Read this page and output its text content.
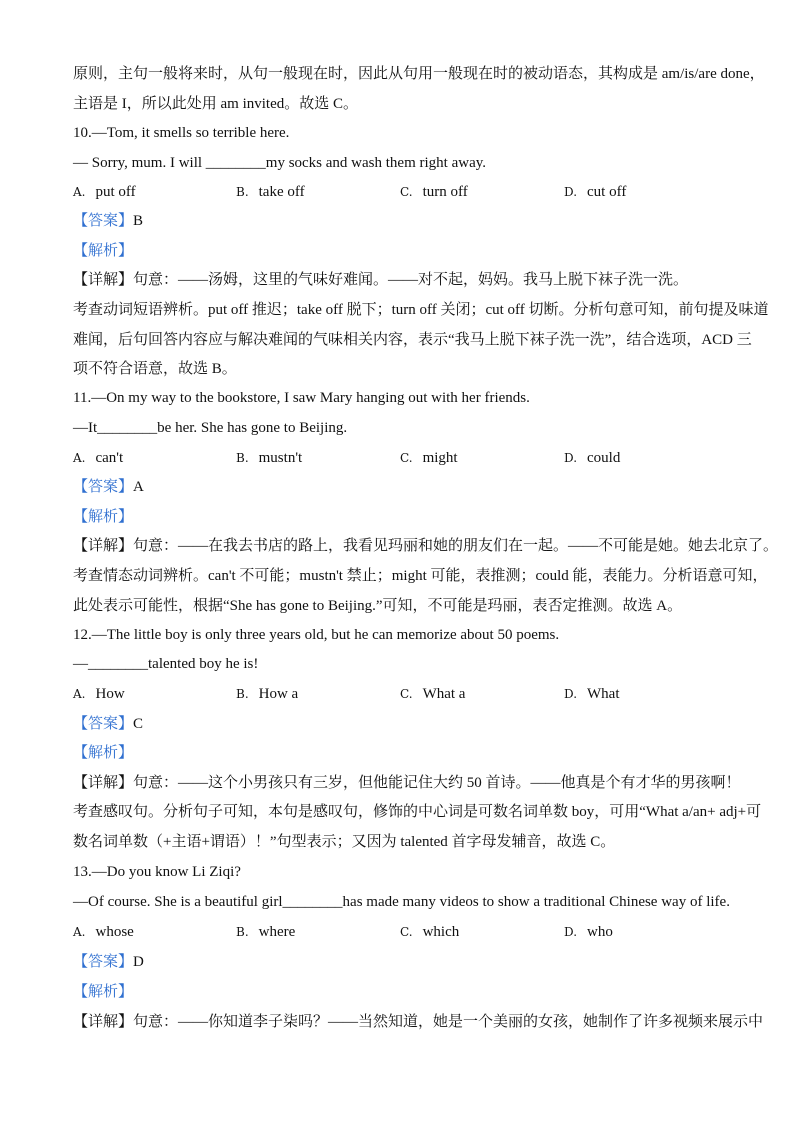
原则，主句一般将来时，从句一般现在时，因此从句用一般现在时的被动语态，其构成是 am/is/are done，
主语是 I，所以此处用 am invited。故选 C。
10.—Tom, it smells so terrible here.
— Sorry, mum. I will ________my socks and wash them right away.
A. put off	B. take off	C. turn off	D. cut off
【答案】B
【解析】
【详解】句意：——汤姆，这里的气味好难闻。——对不起，妈妈。我马上脱下袜子洗一洗。
考查动词短语辨析。put off 推迟；take off 脱下；turn off 关闭；cut off 切断。分析句意可知，前句提及味道
难闻，后句回答内容应与解决难闻的气味相关内容，表示“我马上脱下袜子洗一洗”，结合选项，ACD 三
项不符合语意，故选 B。
11.—On my way to the bookstore, I saw Mary hanging out with her friends.
—It________be her. She has gone to Beijing.
A. can't	B. mustn't	C. might	D. could
【答案】A
【解析】
【详解】句意：——在我去书店的路上，我看见玛丽和她的朋友们在一起。——不可能是她。她去北京了。
考查情态动词辨析。can't 不可能；mustn't 禁止；might 可能，表推测；could 能，表能力。分析语意可知，
此处表示可能性，根据“She has gone to Beijing.”可知，不可能是玛丽，表否定推测。故选 A。
12.—The little boy is only three years old, but he can memorize about 50 poems.
—________talented boy he is!
A. How	B. How a	C. What a	D. What
【答案】C
【解析】
【详解】句意：——这个小男孩只有三岁，但他能记住大约 50 首诗。——他真是个有才华的男孩啊！
考查感叹句。分析句子可知，本句是感叹句，修饰的中心词是可数名词单数 boy，可用“What a/an+ adj+可
数名词单数（+主语+谓语）！”句型表示；又因为 talented 首字母发辅音，故选 C。
13.—Do you know Li Ziqi?
—Of course. She is a beautiful girl________has made many videos to show a traditional Chinese way of life.
A. whose	B. where	C. which	D. who
【答案】D
【解析】
【详解】句意：——你知道李子柒吗？——当然知道，她是一个美丽的女孩，她制作了许多视频来展示中
